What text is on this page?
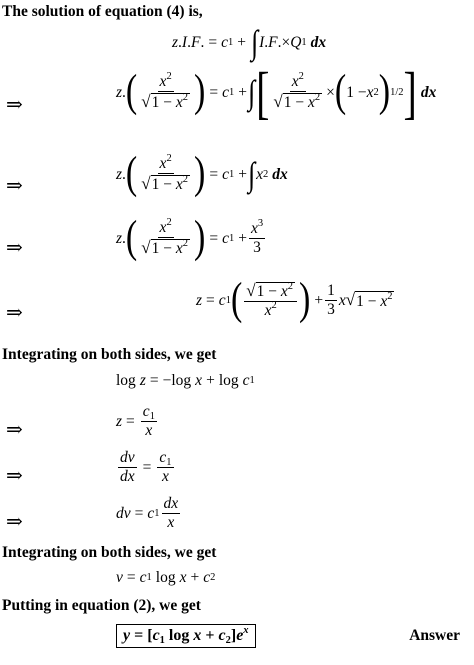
The solution of equation (4) is,
z . I . F . = c 1 + ∫ I . F .× Q 1 dx
⇒
z . ( $\frac{x^2}{√ 1 - x^2}$ ) = c 1 + ∫ [ $\frac{x^2}{√ 1 - x^2}$ × ( 1 − x 2 ) 1/2 ] dx
⇒
z . ( $\frac{x^2}{√ 1 - x^2}$ ) = c 1 + ∫ x 2 dx
⇒	z . ( $\frac{x^2}{√ 1 - x^2}$ ) = c $1 + \frac{x^3}{3}$
⇒
z = c 1 ( $\frac{√ 1 - x^2}{x^2}$ ) + $\frac{1}{3}$ x √ $1 - x^2$
Integrating on both sides, we get
log z = −log x + log c 1
⇒	$z = \frac{c_1}{x}$
⇒	$\frac{dv}{dx} = \frac{c_1}{x}$
⇒	dv = c $1 \frac{dx}{x}$
Integrating on both sides, we get
v = c 1 log x + c 2
Putting in equation (2), we get
$y = [c_1$ $\log x + c_2]e^x$	Answer
